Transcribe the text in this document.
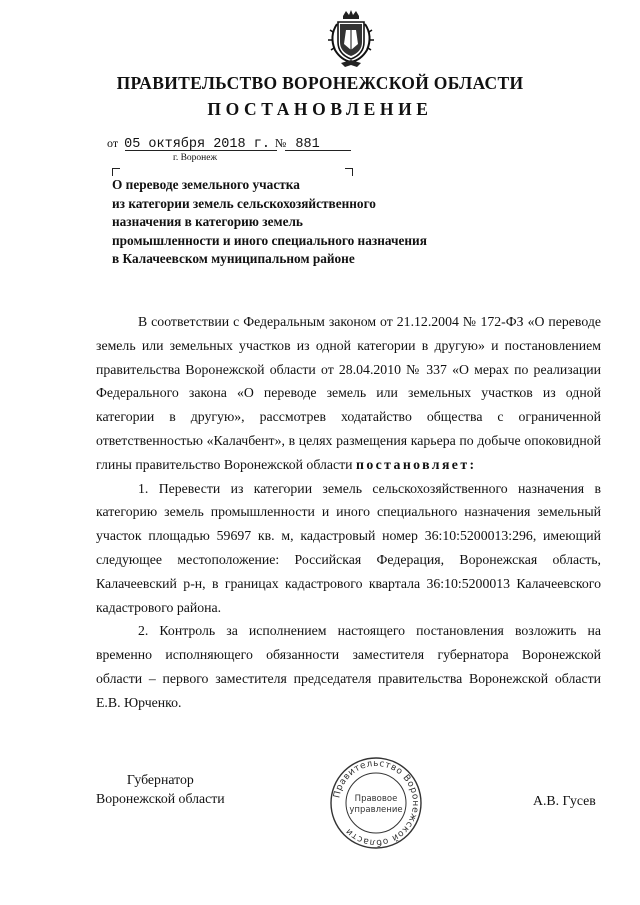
ПРАВИТЕЛЬСТВО ВОРОНЕЖСКОЙ ОБЛАСТИ
ПОСТАНОВЛЕНИЕ
от 05 октября 2018 г. № 881
г. Воронеж
О переводе земельного участка
из категории земель сельскохозяйственного
назначения в категорию земель
промышленности и иного специального назначения
в Калачеевском муниципальном районе

В соответствии с Федеральным законом от 21.12.2004 № 172-ФЗ «О переводе земель или земельных участков из одной категории в другую» и постановлением правительства Воронежской области от 28.04.2010 № 337 «О мерах по реализации Федерального закона «О переводе земель или земельных участков из одной категории в другую», рассмотрев ходатайство общества с ограниченной ответственностью «Калачбент», в целях размещения карьера по добыче опоковидной глины правительство Воронежской области постановляет:

1. Перевести из категории земель сельскохозяйственного назначения в категорию земель промышленности и иного специального назначения земельный участок площадью 59697 кв. м, кадастровый номер 36:10:5200013:296, имеющий следующее местоположение: Российская Федерация, Воронежская область, Калачеевский р-н, в границах кадастрового квартала 36:10:5200013 Калачеевского кадастрового района.

2. Контроль за исполнением настоящего постановления возложить на временно исполняющего обязанности заместителя губернатора Воронежской области – первого заместителя председателя правительства Воронежской области Е.В. Юрченко.

Губернатор
Воронежской области	А.В. Гусев
Правительство Воронежской области
Правовое
управление
